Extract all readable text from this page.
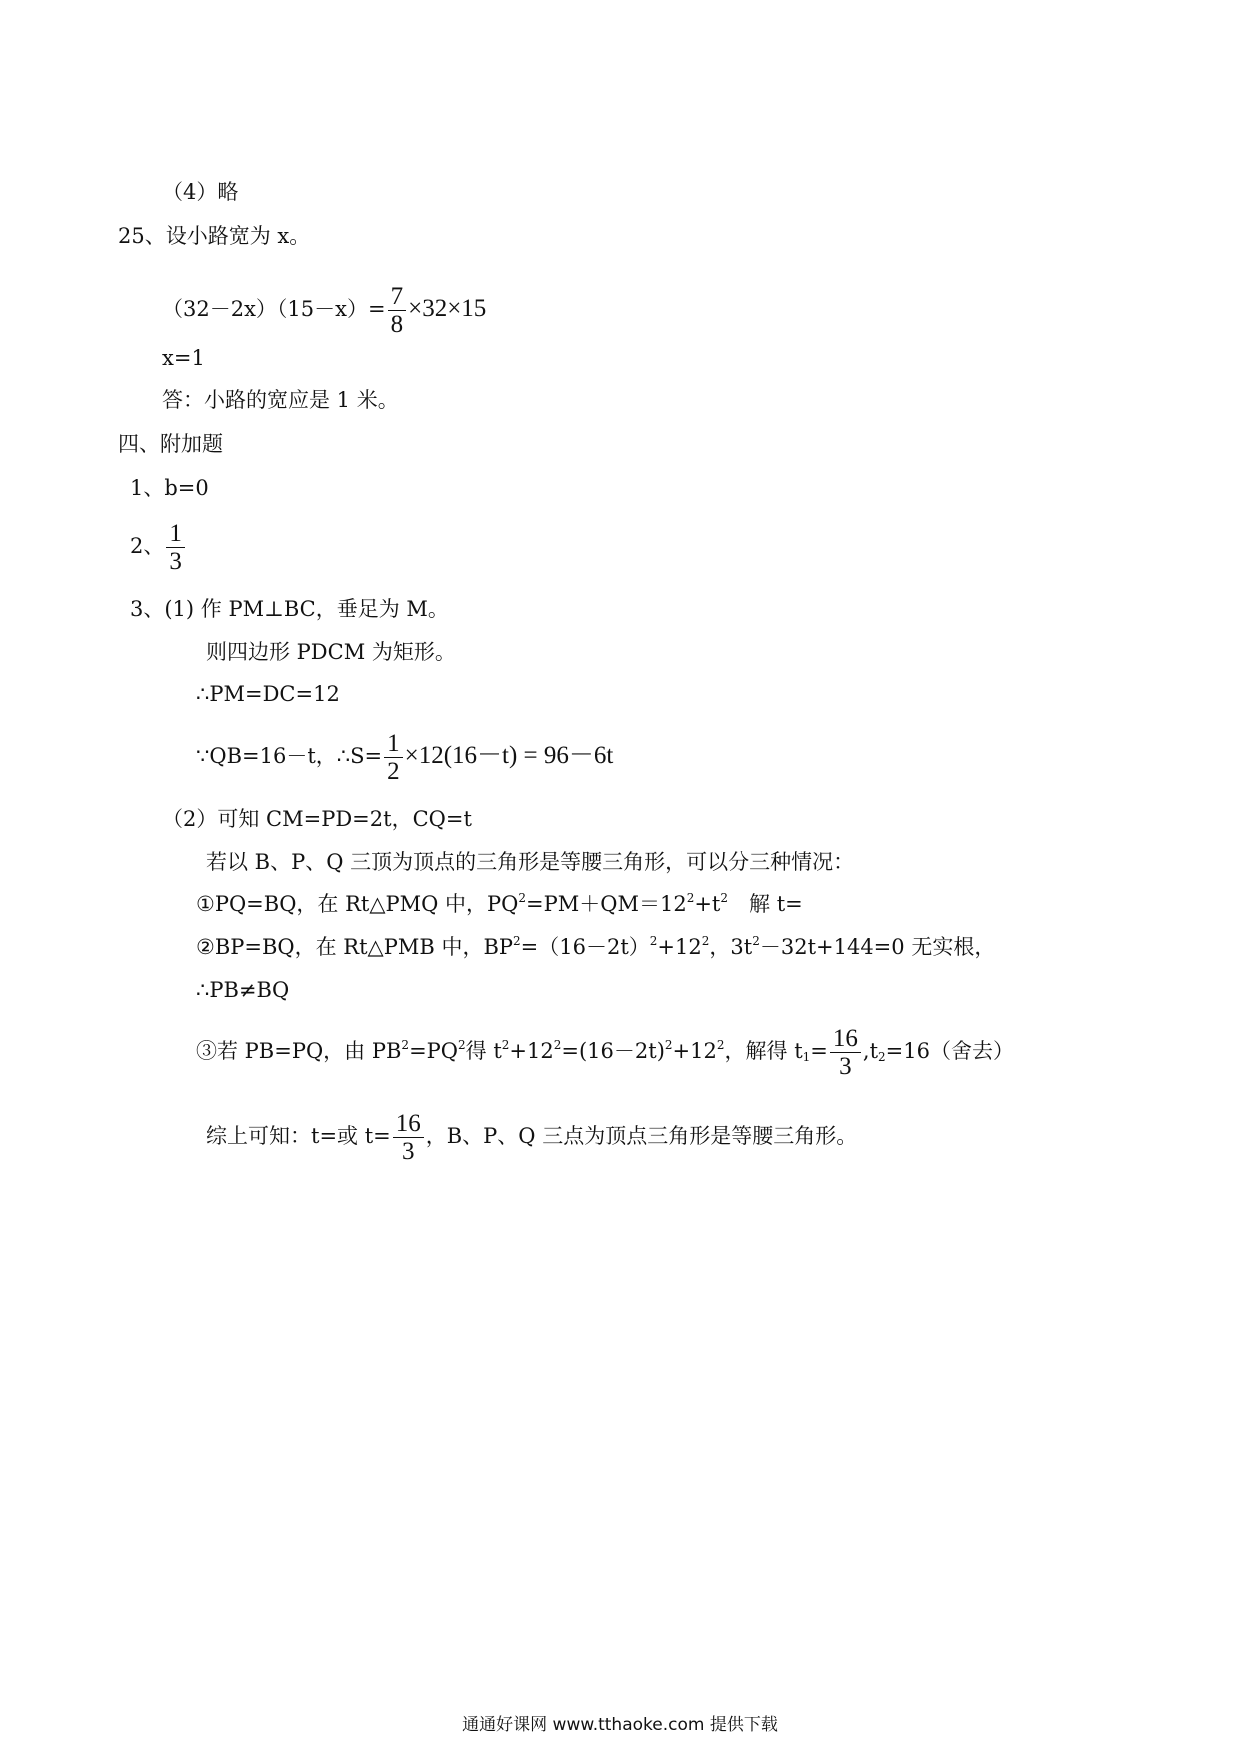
（4）略
25、设小路宽为 x。
$(32-2x)(15-x)= \frac{7}{8} \times 32\times 15$
x=1
答：小路的宽应是 1 米。
四、附加题
1、b=0
2、 $\frac{1}{3}$
3、(1) 作 PM⊥BC，垂足为 M。
则四边形 PDCM 为矩形。
∴PM=DC=12
∵QB=16－t，∴S= $\frac{1}{2} \times 12(16-t) = 96-6t$
（2）可知 CM=PD=2t，CQ=t
若以 B、P、Q 三顶为顶点的三角形是等腰三角形，可以分三种情况：
①PQ=BQ，在 Rt△PMQ 中，$PQ^2=PM+QM=12^2+t^2$　解 t=
②BP=BQ，在 Rt△PMB 中，$BP^2=(16-2t)^2+12^2$，$3t^2-32t+144=0$ 无实根，
∴PB≠BQ
③若 PB=PQ，由 $PB^2=PQ^2$得 $t^2+12^2=(16-2t)^2+12^2$，解得 $t_1= \frac{16}{3} ,t_2=16$（舍去）
综上可知：t=或 $t= \frac{16}{3}$ ，B、P、Q 三点为顶点三角形是等腰三角形。
通通好课网 www.tthaoke.com 提供下载
